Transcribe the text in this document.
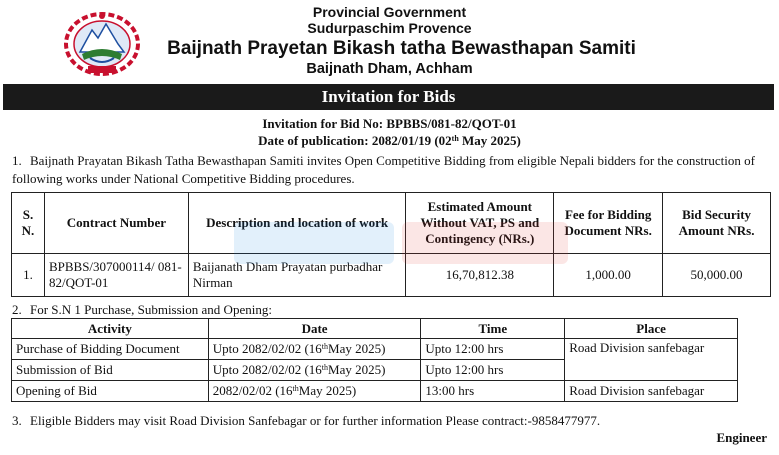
Provincial Government
Sudurpaschim Provence
Baijnath Prayetan Bikash tatha Bewasthapan Samiti
Baijnath Dham, Achham
Invitation for Bids
Invitation for Bid No: BPBBS/081-82/QOT-01
Date of publication: 2082/01/19 (02th May 2025)
1. Baijnath Prayatan Bikash Tatha Bewasthapan Samiti invites Open Competitive Bidding from eligible Nepali bidders for the construction of following works under National Competitive Bidding procedures.
S. N.	Contract Number	Description and location of work	Estimated Amount Without VAT, PS and Contingency (NRs.)	Fee for Bidding Document NRs.	Bid Security Amount NRs.
1.	BPBBS/307000114/ 081-82/QOT-01	Baijanath Dham Prayatan purbadhar Nirman	16,70,812.38	1,000.00	50,000.00
2. For S.N 1 Purchase, Submission and Opening:
Activity	Date	Time	Place
Purchase of Bidding Document	Upto 2082/02/02 (16thMay 2025)	Upto 12:00 hrs	Road Division sanfebagar
Submission of Bid	Upto 2082/02/02 (16thMay 2025)	Upto 12:00 hrs	
Opening of Bid	2082/02/02 (16thMay 2025)	13:00 hrs	Road Division sanfebagar
3. Eligible Bidders may visit Road Division Sanfebagar or for further information Please contract:-9858477977.
Engineer
